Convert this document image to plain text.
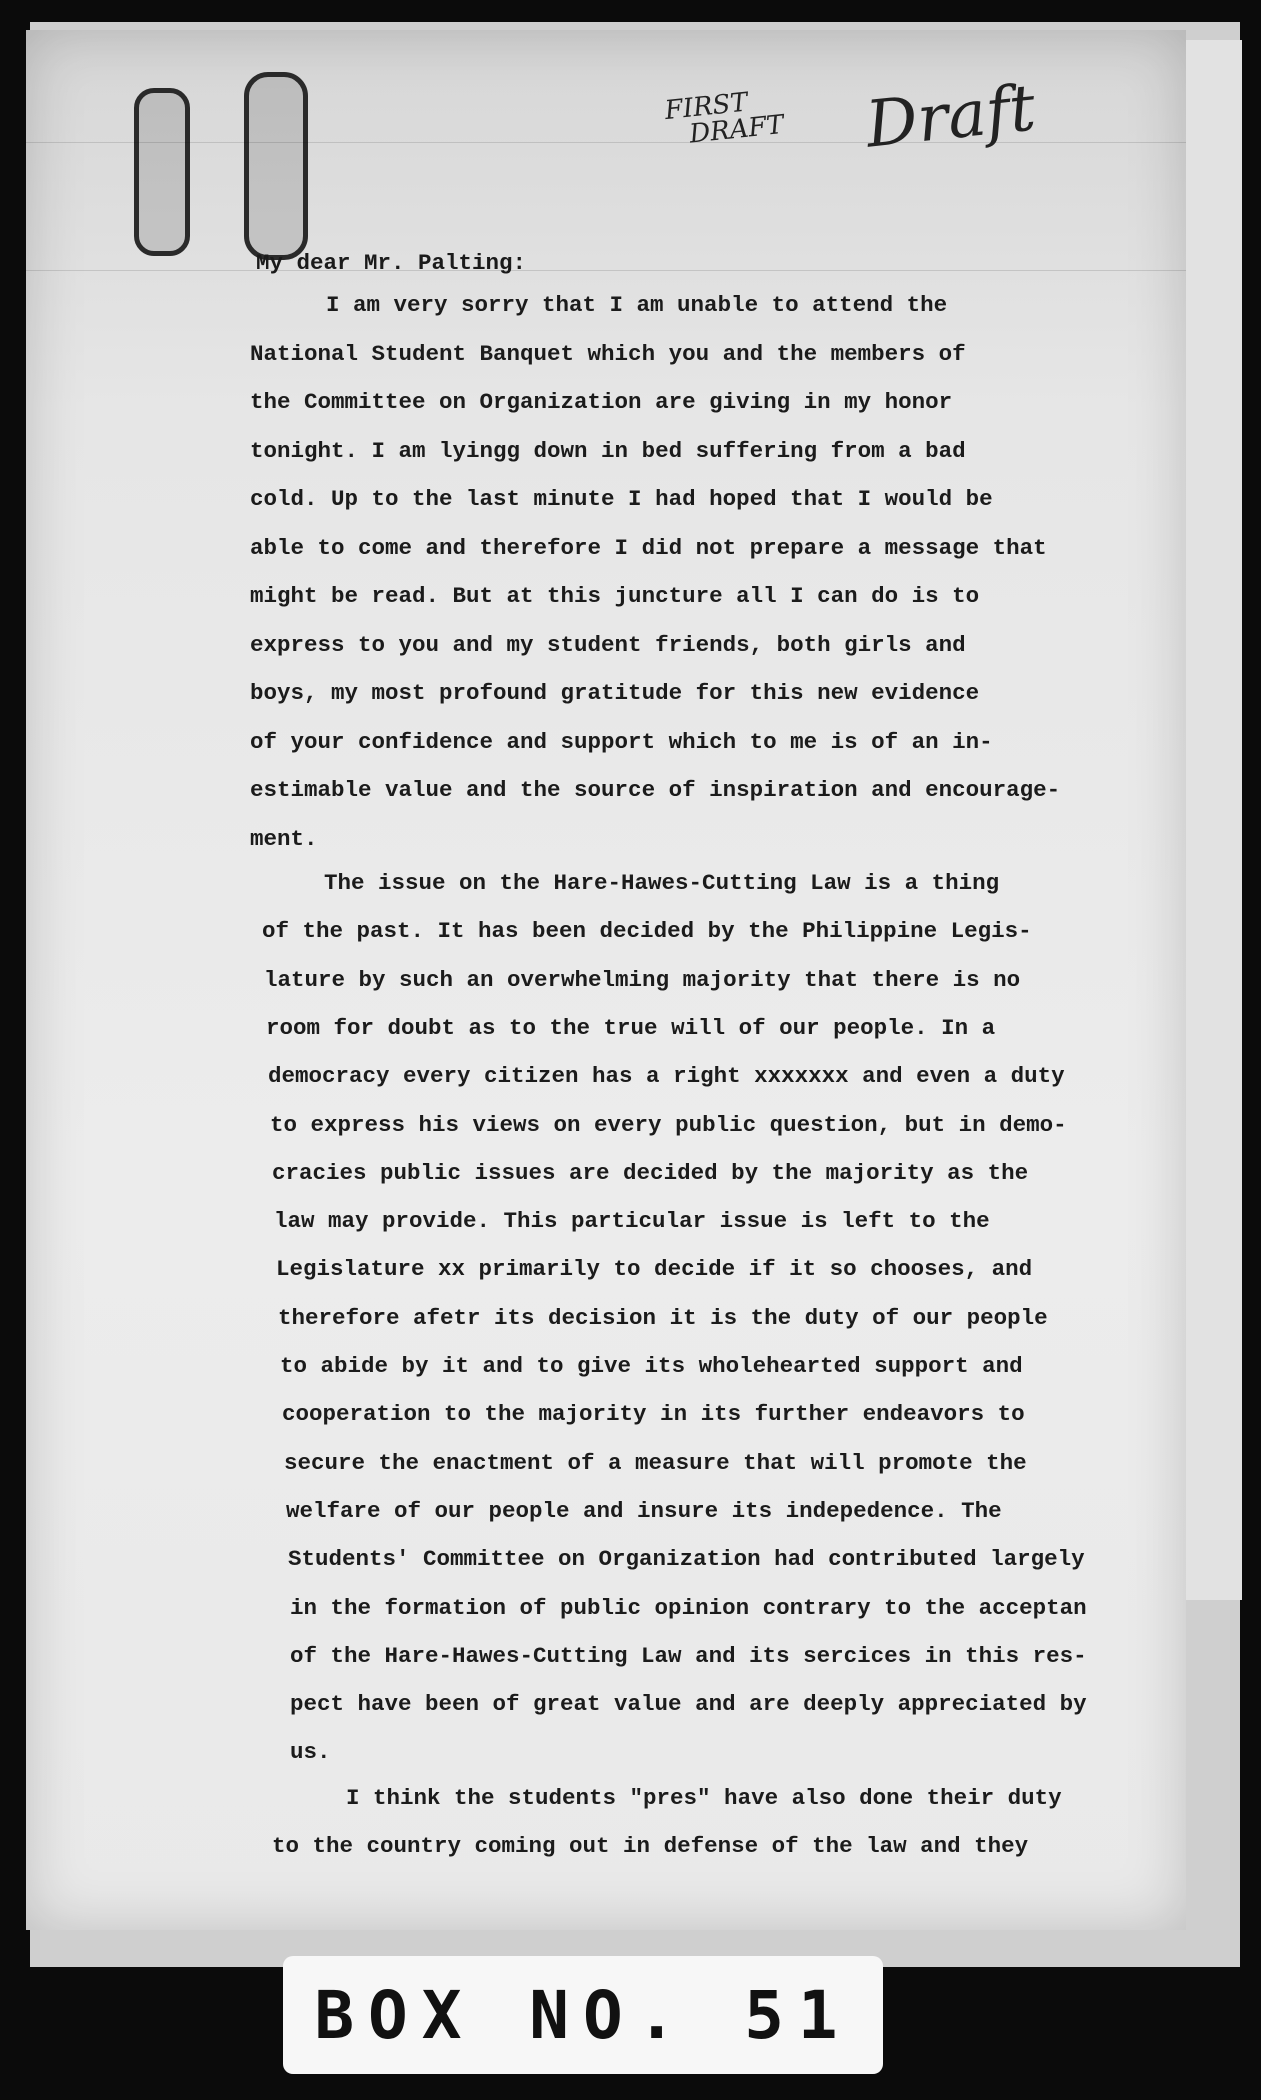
FIRST
DRAFT Draft
My dear Mr. Palting:
I am very sorry that I am unable to attend the
National Student Banquet which you and the members of
the Committee on Organization are giving in my honor
tonight. I am lyingg down in bed suffering from a bad
cold. Up to the last minute I had hoped that I would be
able to come and therefore I did not prepare a message that
might be read. But at this juncture all I can do is to
express to you and my student friends, both girls and
boys, my most profound gratitude for this new evidence
of your confidence and support which to me is of an in-
estimable value and the source of inspiration and encourage-
ment.
The issue on the Hare-Hawes-Cutting Law is a thing
of the past. It has been decided by the Philippine Legis-
lature by such an overwhelming majority that there is no
room for doubt as to the true will of our people. In a
democracy every citizen has a right xxxxxxx and even a duty
to express his views on every public question, but in demo-
cracies public issues are decided by the majority as the
law may provide. This particular issue is left to the
Legislature xx primarily to decide if it so chooses, and
therefore afetr its decision it is the duty of our people
to abide by it and to give its wholehearted support and
cooperation to the majority in its further endeavors to
secure the enactment of a measure that will promote the
welfare of our people and insure its indepedence. The
Students' Committee on Organization had contributed largely
in the formation of public opinion contrary to the acceptan
of the Hare-Hawes-Cutting Law and its sercices in this res-
pect have been of great value and are deeply appreciated by
us.
I think the students "pres" have also done their duty
to the country coming out in defense of the law and they
BOX NO. 51
